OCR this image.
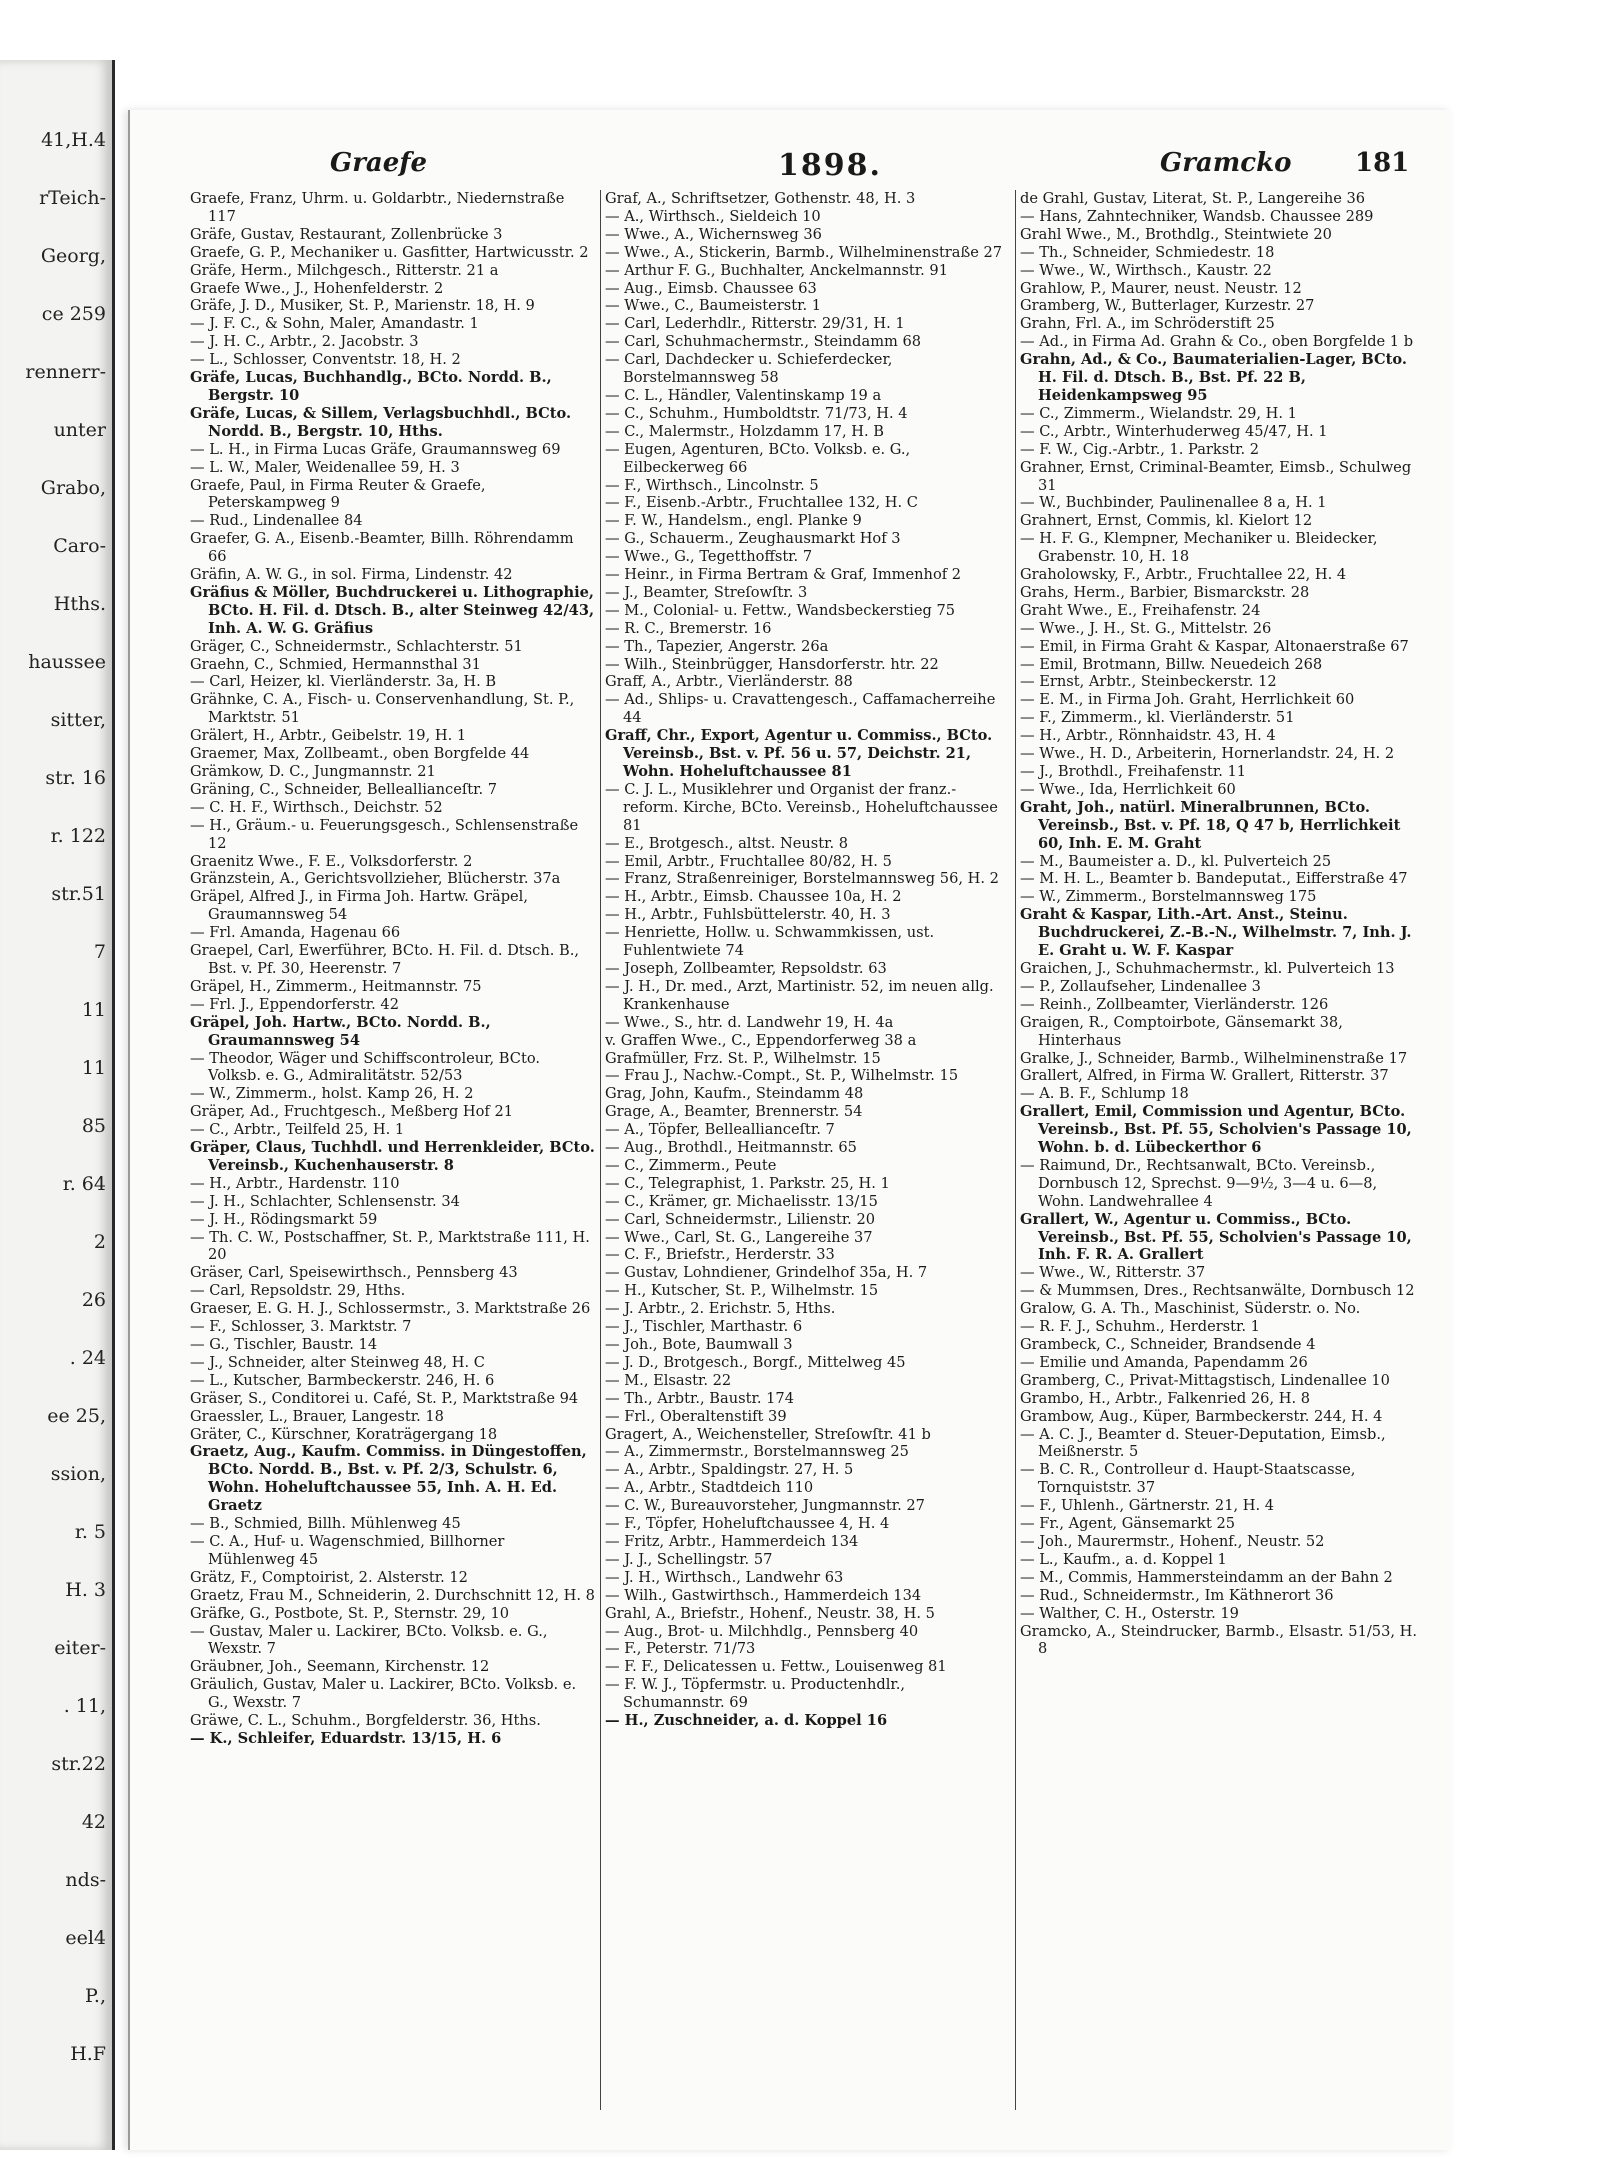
41,H.4
rTeich-
Georg,
ce 259
rennerr-
unter
Grabo,
Caro-
Hths.
haussee
sitter,
str. 16
r. 122
str.51
7
11
11
85
r. 64
2
26
. 24
ee 25,
ssion,
r. 5
H. 3
eiter-
. 11,
str.22
42
nds-
eel4
P.,
H.F
Graefe	1898.	Gramcko 181

Graefe, Franz, Uhrm. u. Goldarbtr., Niedernstraße 117

Gräfe, Gustav, Restaurant, Zollenbrücke 3

Graefe, G. P., Mechaniker u. Gasfitter, Hartwicusstr. 2

Gräfe, Herm., Milchgesch., Ritterstr. 21 a

Graefe Wwe., J., Hohenfelderstr. 2

Gräfe, J. D., Musiker, St. P., Marienstr. 18, H. 9

— J. F. C., & Sohn, Maler, Amandastr. 1

— J. H. C., Arbtr., 2. Jacobstr. 3

— L., Schlosser, Conventstr. 18, H. 2

Gräfe, Lucas, Buchhandlg., BCto. Nordd. B., Bergstr. 10

Gräfe, Lucas, & Sillem, Verlagsbuchhdl., BCto. Nordd. B., Bergstr. 10, Hths.

— L. H., in Firma Lucas Gräfe, Graumannsweg 69

— L. W., Maler, Weidenallee 59, H. 3

Graefe, Paul, in Firma Reuter & Graefe, Peterskampweg 9

— Rud., Lindenallee 84

Graefer, G. A., Eisenb.-Beamter, Billh. Röhrendamm 66

Gräfin, A. W. G., in sol. Firma, Lindenstr. 42

Gräfius & Möller, Buchdruckerei u. Lithographie, BCto. H. Fil. d. Dtsch. B., alter Steinweg 42/43, Inh. A. W. G. Gräfius

Gräger, C., Schneidermstr., Schlachterstr. 51

Graehn, C., Schmied, Hermannsthal 31

— Carl, Heizer, kl. Vierländerstr. 3a, H. B

Grähnke, C. A., Fisch- u. Conservenhandlung, St. P., Marktstr. 51

Grälert, H., Arbtr., Geibelstr. 19, H. 1

Graemer, Max, Zollbeamt., oben Borgfelde 44

Grämkow, D. C., Jungmannstr. 21

Gräning, C., Schneider, Belleallianceſtr. 7

— C. H. F., Wirthsch., Deichstr. 52

— H., Gräum.- u. Feuerungsgesch., Schlensenstraße 12

Graenitz Wwe., F. E., Volksdorferstr. 2

Gränzstein, A., Gerichtsvollzieher, Blücherstr. 37a

Gräpel, Alfred J., in Firma Joh. Hartw. Gräpel, Graumannsweg 54

— Frl. Amanda, Hagenau 66

Graepel, Carl, Ewerführer, BCto. H. Fil. d. Dtsch. B., Bst. v. Pf. 30, Heerenstr. 7

Gräpel, H., Zimmerm., Heitmannstr. 75

— Frl. J., Eppendorferstr. 42

Gräpel, Joh. Hartw., BCto. Nordd. B., Graumannsweg 54

— Theodor, Wäger und Schiffscontroleur, BCto. Volksb. e. G., Admiralitätstr. 52/53

— W., Zimmerm., holst. Kamp 26, H. 2

Gräper, Ad., Fruchtgesch., Meßberg Hof 21

— C., Arbtr., Teilfeld 25, H. 1

Gräper, Claus, Tuchhdl. und Herrenkleider, BCto. Vereinsb., Kuchenhauserstr. 8

— H., Arbtr., Hardenstr. 110

— J. H., Schlachter, Schlensenstr. 34

— J. H., Rödingsmarkt 59

— Th. C. W., Postschaffner, St. P., Marktstraße 111, H. 20

Gräser, Carl, Speisewirthsch., Pennsberg 43

— Carl, Repsoldstr. 29, Hths.

Graeser, E. G. H. J., Schlossermstr., 3. Marktstraße 26

— F., Schlosser, 3. Marktstr. 7

— G., Tischler, Baustr. 14

— J., Schneider, alter Steinweg 48, H. C

— L., Kutscher, Barmbeckerstr. 246, H. 6

Gräser, S., Conditorei u. Café, St. P., Marktstraße 94

Graessler, L., Brauer, Langestr. 18

Gräter, C., Kürschner, Koraträgergang 18

Graetz, Aug., Kaufm. Commiss. in Düngestoffen, BCto. Nordd. B., Bst. v. Pf. 2/3, Schulstr. 6, Wohn. Hoheluftchaussee 55, Inh. A. H. Ed. Graetz

— B., Schmied, Billh. Mühlenweg 45

— C. A., Huf- u. Wagenschmied, Billhorner Mühlenweg 45

Grätz, F., Comptoirist, 2. Alsterstr. 12

Graetz, Frau M., Schneiderin, 2. Durchschnitt 12, H. 8

Gräfke, G., Postbote, St. P., Sternstr. 29, 10

— Gustav, Maler u. Lackirer, BCto. Volksb. e. G., Wexstr. 7

Gräubner, Joh., Seemann, Kirchenstr. 12

Gräulich, Gustav, Maler u. Lackirer, BCto. Volksb. e. G., Wexstr. 7

Gräwe, C. L., Schuhm., Borgfelderstr. 36, Hths.

— K., Schleifer, Eduardstr. 13/15, H. 6

Graf, A., Schriftsetzer, Gothenstr. 48, H. 3

— A., Wirthsch., Sieldeich 10

— Wwe., A., Wichernsweg 36

— Wwe., A., Stickerin, Barmb., Wilhelminenstraße 27

— Arthur F. G., Buchhalter, Anckelmannstr. 91

— Aug., Eimsb. Chaussee 63

— Wwe., C., Baumeisterstr. 1

— Carl, Lederhdlr., Ritterstr. 29/31, H. 1

— Carl, Schuhmachermstr., Steindamm 68

— Carl, Dachdecker u. Schieferdecker, Borstelmannsweg 58

— C. L., Händler, Valentinskamp 19 a

— C., Schuhm., Humboldtstr. 71/73, H. 4

— C., Malermstr., Holzdamm 17, H. B

— Eugen, Agenturen, BCto. Volksb. e. G., Eilbeckerweg 66

— F., Wirthsch., Lincolnstr. 5

— F., Eisenb.-Arbtr., Fruchtallee 132, H. C

— F. W., Handelsm., engl. Planke 9

— G., Schauerm., Zeughausmarkt Hof 3

— Wwe., G., Tegetthoffstr. 7

— Heinr., in Firma Bertram & Graf, Immenhof 2

— J., Beamter, Streſowſtr. 3

— M., Colonial- u. Fettw., Wandsbeckerstieg 75

— R. C., Bremerstr. 16

— Th., Tapezier, Angerstr. 26a

— Wilh., Steinbrügger, Hansdorferstr. htr. 22

Graff, A., Arbtr., Vierländerstr. 88

— Ad., Shlips- u. Cravattengesch., Caffamacherreihe 44

Graff, Chr., Export, Agentur u. Commiss., BCto. Vereinsb., Bst. v. Pf. 56 u. 57, Deichstr. 21, Wohn. Hoheluftchaussee 81

— C. J. L., Musiklehrer und Organist der franz.-reform. Kirche, BCto. Vereinsb., Hoheluftchaussee 81

— E., Brotgesch., altst. Neustr. 8

— Emil, Arbtr., Fruchtallee 80/82, H. 5

— Franz, Straßenreiniger, Borstelmannsweg 56, H. 2

— H., Arbtr., Eimsb. Chaussee 10a, H. 2

— H., Arbtr., Fuhlsbüttelerstr. 40, H. 3

— Henriette, Hollw. u. Schwammkissen, ust. Fuhlentwiete 74

— Joseph, Zollbeamter, Repsoldstr. 63

— J. H., Dr. med., Arzt, Martinistr. 52, im neuen allg. Krankenhause

— Wwe., S., htr. d. Landwehr 19, H. 4a

v. Graffen Wwe., C., Eppendorferweg 38 a

Grafmüller, Frz. St. P., Wilhelmstr. 15

— Frau J., Nachw.-Compt., St. P., Wilhelmstr. 15

Grag, John, Kaufm., Steindamm 48

Grage, A., Beamter, Brennerstr. 54

— A., Töpfer, Belleallianceſtr. 7

— Aug., Brothdl., Heitmannstr. 65

— C., Zimmerm., Peute

— C., Telegraphist, 1. Parkstr. 25, H. 1

— C., Krämer, gr. Michaelisstr. 13/15

— Carl, Schneidermstr., Lilienstr. 20

— Wwe., Carl, St. G., Langereihe 37

— C. F., Briefstr., Herderstr. 33

— Gustav, Lohndiener, Grindelhof 35a, H. 7

— H., Kutscher, St. P., Wilhelmstr. 15

— J. Arbtr., 2. Erichstr. 5, Hths.

— J., Tischler, Marthastr. 6

— Joh., Bote, Baumwall 3

— J. D., Brotgesch., Borgf., Mittelweg 45

— M., Elsastr. 22

— Th., Arbtr., Baustr. 174

— Frl., Oberaltenstift 39

Gragert, A., Weichensteller, Streſowſtr. 41 b

— A., Zimmermstr., Borstelmannsweg 25

— A., Arbtr., Spaldingstr. 27, H. 5

— A., Arbtr., Stadtdeich 110

— C. W., Bureauvorsteher, Jungmannstr. 27

— F., Töpfer, Hoheluftchaussee 4, H. 4

— Fritz, Arbtr., Hammerdeich 134

— J. J., Schellingstr. 57

— J. H., Wirthsch., Landwehr 63

— Wilh., Gastwirthsch., Hammerdeich 134

Grahl, A., Briefstr., Hohenf., Neustr. 38, H. 5

— Aug., Brot- u. Milchhdlg., Pennsberg 40

— F., Peterstr. 71/73

— F. F., Delicatessen u. Fettw., Louisenweg 81

— F. W. J., Töpfermstr. u. Productenhdlr., Schumannstr. 69

— H., Zuschneider, a. d. Koppel 16

de Grahl, Gustav, Literat, St. P., Langereihe 36

— Hans, Zahntechniker, Wandsb. Chaussee 289

Grahl Wwe., M., Brothdlg., Steintwiete 20

— Th., Schneider, Schmiedestr. 18

— Wwe., W., Wirthsch., Kaustr. 22

Grahlow, P., Maurer, neust. Neustr. 12

Gramberg, W., Butterlager, Kurzestr. 27

Grahn, Frl. A., im Schröderstift 25

— Ad., in Firma Ad. Grahn & Co., oben Borgfelde 1 b

Grahn, Ad., & Co., Baumaterialien-Lager, BCto. H. Fil. d. Dtsch. B., Bst. Pf. 22 B, Heidenkampsweg 95

— C., Zimmerm., Wielandstr. 29, H. 1

— C., Arbtr., Winterhuderweg 45/47, H. 1

— F. W., Cig.-Arbtr., 1. Parkstr. 2

Grahner, Ernst, Criminal-Beamter, Eimsb., Schulweg 31

— W., Buchbinder, Paulinenallee 8 a, H. 1

Grahnert, Ernst, Commis, kl. Kielort 12

— H. F. G., Klempner, Mechaniker u. Bleidecker, Grabenstr. 10, H. 18

Graholowsky, F., Arbtr., Fruchtallee 22, H. 4

Grahs, Herm., Barbier, Bismarckstr. 28

Graht Wwe., E., Freihafenstr. 24

— Wwe., J. H., St. G., Mittelstr. 26

— Emil, in Firma Graht & Kaspar, Altonaerstraße 67

— Emil, Brotmann, Billw. Neuedeich 268

— Ernst, Arbtr., Steinbeckerstr. 12

— E. M., in Firma Joh. Graht, Herrlichkeit 60

— F., Zimmerm., kl. Vierländerstr. 51

— H., Arbtr., Rönnhaidstr. 43, H. 4

— Wwe., H. D., Arbeiterin, Hornerlandstr. 24, H. 2

— J., Brothdl., Freihafenstr. 11

— Wwe., Ida, Herrlichkeit 60

Graht, Joh., natürl. Mineralbrunnen, BCto. Vereinsb., Bst. v. Pf. 18, Q 47 b, Herrlichkeit 60, Inh. E. M. Graht

— M., Baumeister a. D., kl. Pulverteich 25

— M. H. L., Beamter b. Bandeputat., Eifferstraße 47

— W., Zimmerm., Borstelmannsweg 175

Graht & Kaspar, Lith.-Art. Anst., Steinu. Buchdruckerei, Z.-B.-N., Wilhelmstr. 7, Inh. J. E. Graht u. W. F. Kaspar

Graichen, J., Schuhmachermstr., kl. Pulverteich 13

— P., Zollaufseher, Lindenallee 3

— Reinh., Zollbeamter, Vierländerstr. 126

Graigen, R., Comptoirbote, Gänsemarkt 38, Hinterhaus

Gralke, J., Schneider, Barmb., Wilhelminenstraße 17

Grallert, Alfred, in Firma W. Grallert, Ritterstr. 37

— A. B. F., Schlump 18

Grallert, Emil, Commission und Agentur, BCto. Vereinsb., Bst. Pf. 55, Scholvien's Passage 10, Wohn. b. d. Lübeckerthor 6

— Raimund, Dr., Rechtsanwalt, BCto. Vereinsb., Dornbusch 12, Sprechst. 9—9½, 3—4 u. 6—8, Wohn. Landwehrallee 4

Grallert, W., Agentur u. Commiss., BCto. Vereinsb., Bst. Pf. 55, Scholvien's Passage 10, Inh. F. R. A. Grallert

— Wwe., W., Ritterstr. 37

— & Mummsen, Dres., Rechtsanwälte, Dornbusch 12

Gralow, G. A. Th., Maschinist, Süderstr. o. No.

— R. F. J., Schuhm., Herderstr. 1

Grambeck, C., Schneider, Brandsende 4

— Emilie und Amanda, Papendamm 26

Gramberg, C., Privat-Mittagstisch, Lindenallee 10

Grambo, H., Arbtr., Falkenried 26, H. 8

Grambow, Aug., Küper, Barmbeckerstr. 244, H. 4

— A. C. J., Beamter d. Steuer-Deputation, Eimsb., Meißnerstr. 5

— B. C. R., Controlleur d. Haupt-Staatscasse, Tornquiststr. 37

— F., Uhlenh., Gärtnerstr. 21, H. 4

— Fr., Agent, Gänsemarkt 25

— Joh., Maurermstr., Hohenf., Neustr. 52

— L., Kaufm., a. d. Koppel 1

— M., Commis, Hammersteindamm an der Bahn 2

— Rud., Schneidermstr., Im Käthnerort 36

— Walther, C. H., Osterstr. 19

Gramcko, A., Steindrucker, Barmb., Elsastr. 51/53, H. 8
